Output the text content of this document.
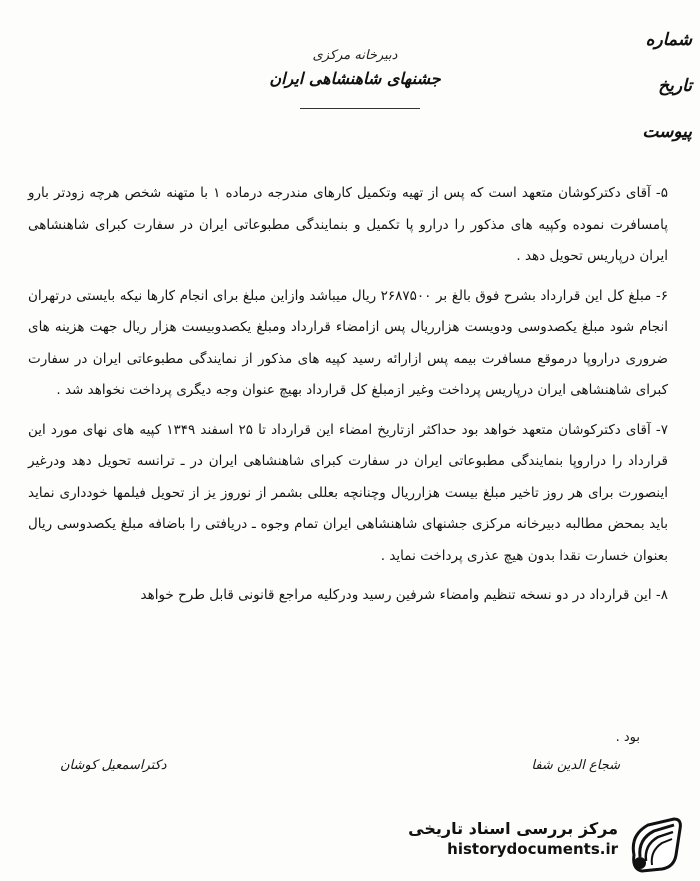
شماره
تاریخ
پیوست
دبیرخانه مرکزی
جشنهای شاهنشاهی ایران

۵- آقای دکترکوشان متعهد است که پس از تهیه وتکمیل کارهای مندرجه درماده ۱ با متهنه شخص هرچه زودتر بارو پامسافرت نموده وکپیه های مذکور را درارو پا تکمیل و بنمایندگی مطبوعاتی ایران در سفارت کبرای شاهنشاهی ایران درپاریس تحویل دهد .

۶- مبلغ کل این قرارداد بشرح فوق بالغ بر ۲۶۸۷۵۰۰ ریال میباشد وازاین مبلغ برای انجام کارها نیکه بایستی درتهران انجام شود مبلغ یکصدوسی ودویست هزارریال پس ازامضاء قرارداد ومبلغ یکصدوبیست هزار ریال جهت هزینه های ضروری دراروپا درموقع مسافرت بیمه پس ازارائه رسید کپیه های مذکور از نمایندگی مطبوعاتی ایران در سفارت کبرای شاهنشاهی ایران درپاریس پرداخت وغیر ازمبلغ کل قرارداد بهیچ عنوان وجه دیگری پرداخت نخواهد شد .

۷- آقای دکترکوشان متعهد خواهد بود حداکثر ازتاریخ امضاء این قرارداد تا ۲۵ اسفند ۱۳۴۹ کپیه های نهای مورد این قرارداد را دراروپا بنمایندگی مطبوعاتی ایران در سفارت کبرای شاهنشاهی ایران در ـ ترانسه تحویل دهد ودرغیر اینصورت برای هر روز تاخیر مبلغ بیست هزارریال وچنانچه بعللی بشمر از نوروز یز از تحویل فیلمها خودداری نماید باید بمحض مطالبه دبیرخانه مرکزی جشنهای شاهنشاهی ایران تمام وجوه ـ دریافتی را باضافه مبلغ یکصدوسی ریال بعنوان خسارت نقدا بدون هیچ عذری پرداخت نماید .

۸- این قرارداد در دو نسخه تنظیم وامضاء شرفین رسید ودرکلیه مراجع قانونی قابل طرح خواهد

بود .
شجاع الدین شفا
دکتراسمعیل کوشان
مرکز بررسی اسناد تاریخی
historydocuments.ir
